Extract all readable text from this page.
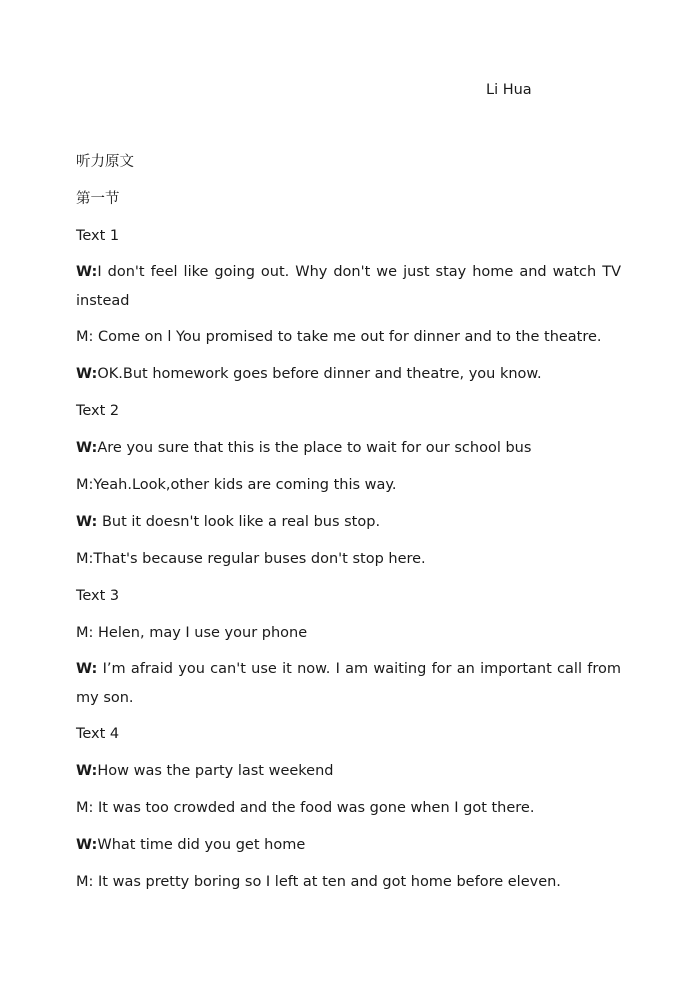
Li Hua
听力原文
第一节
Text 1
W:I don't feel like going out. Why don't we just stay home and watch TV instead
M: Come on l You promised to take me out for dinner and to the theatre.
W:OK.But homework goes before dinner and theatre, you know.
Text 2
W:Are you sure that this is the place to wait for our school bus
M:Yeah.Look,other kids are coming this way.
W: But it doesn't look like a real bus stop.
M:That's because regular buses don't stop here.
Text 3
M: Helen, may I use your phone
W: I’m afraid you can't use it now. I am waiting for an important call from my son.
Text 4
W:How was the party last weekend
M: It was too crowded and the food was gone when I got there.
W:What time did you get home
M: It was pretty boring so I left at ten and got home before eleven.
